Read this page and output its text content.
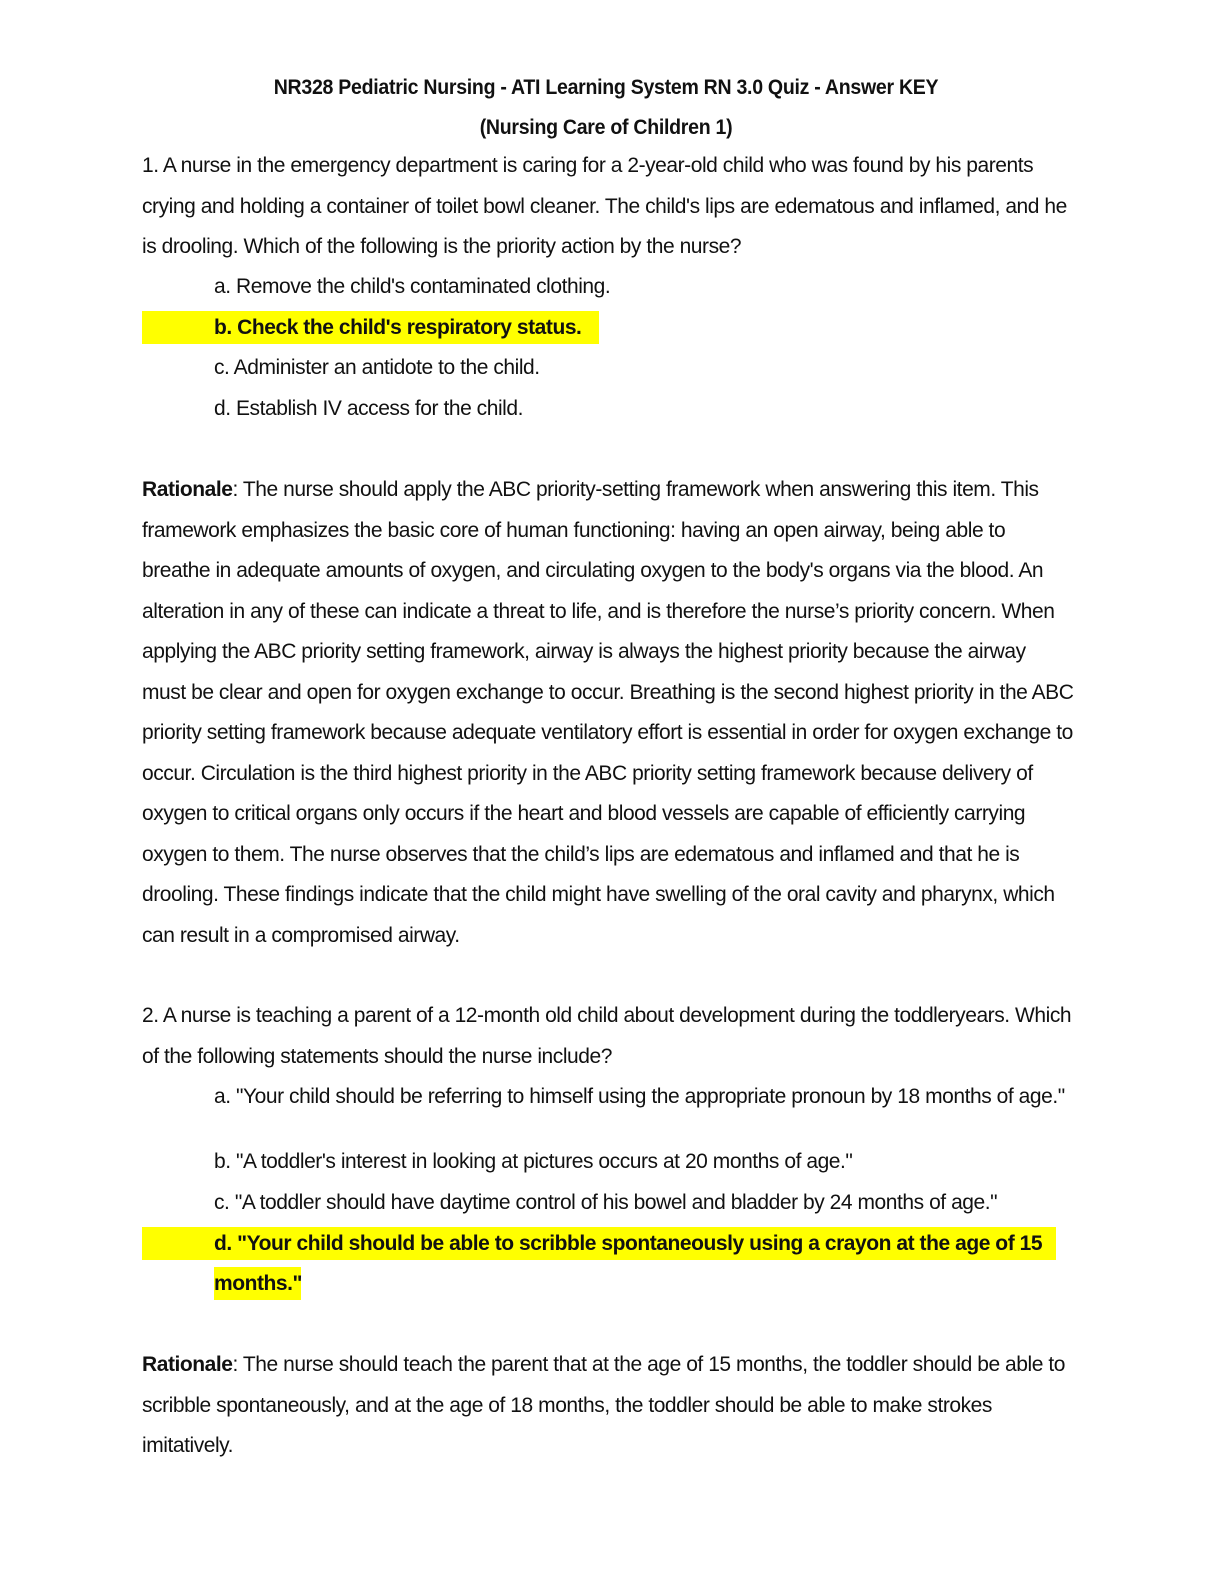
NR328 Pediatric Nursing - ATI Learning System RN 3.0 Quiz - Answer KEY
(Nursing Care of Children 1)

1. A nurse in the emergency department is caring for a 2-year-old child who was found by his parents crying and holding a container of toilet bowl cleaner. The child's lips are edematous and inflamed, and he is drooling. Which of the following is the priority action by the nurse?

a. Remove the child's contaminated clothing.
b. Check the child's respiratory status.
c. Administer an antidote to the child.
d. Establish IV access for the child.

Rationale: The nurse should apply the ABC priority-setting framework when answering this item. This framework emphasizes the basic core of human functioning: having an open airway, being able to breathe in adequate amounts of oxygen, and circulating oxygen to the body's organs via the blood. An alteration in any of these can indicate a threat to life, and is therefore the nurse’s priority concern. When applying the ABC priority setting framework, airway is always the highest priority because the airway must be clear and open for oxygen exchange to occur. Breathing is the second highest priority in the ABC priority setting framework because adequate ventilatory effort is essential in order for oxygen exchange to occur. Circulation is the third highest priority in the ABC priority setting framework because delivery of oxygen to critical organs only occurs if the heart and blood vessels are capable of efficiently carrying oxygen to them. The nurse observes that the child’s lips are edematous and inflamed and that he is drooling. These findings indicate that the child might have swelling of the oral cavity and pharynx, which can result in a compromised airway.

2. A nurse is teaching a parent of a 12-month old child about development during the toddleryears. Which of the following statements should the nurse include?

a. "Your child should be referring to himself using the appropriate pronoun by 18 months of age."
b. "A toddler's interest in looking at pictures occurs at 20 months of age."
c. "A toddler should have daytime control of his bowel and bladder by 24 months of age."
d. "Your child should be able to scribble spontaneously using a crayon at the age of 15
months."

Rationale: The nurse should teach the parent that at the age of 15 months, the toddler should be able to scribble spontaneously, and at the age of 18 months, the toddler should be able to make strokes imitatively.
